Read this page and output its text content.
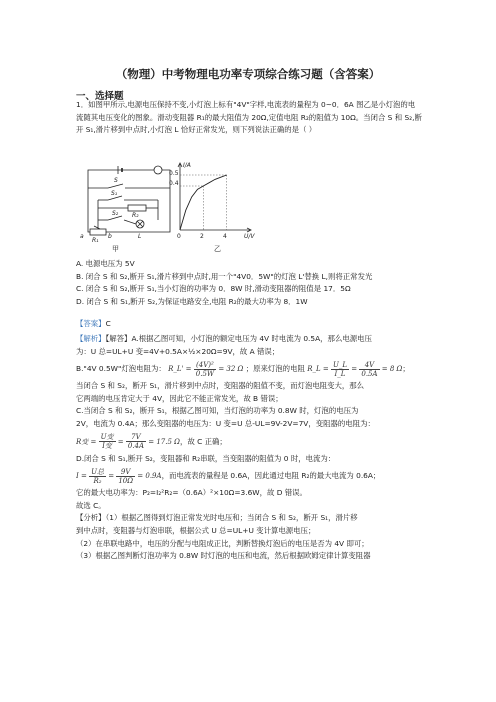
（物理）中考物理电功率专项综合练习题（含答案）
一、选择题

1．如图甲所示,电源电压保持不变,小灯泡上标有"4V"字样,电流表的量程为 0~0．6A 图乙是小灯泡的电流随其电压变化的图象。滑动变阻器 R₁的最大阻值为 20Ω,定值电阻 R₂的阻值为 10Ω。当闭合 S 和 S₂,断开 S₁,滑片移到中点时,小灯泡 L 恰好正常发光，则下列说法正确的是（ ）

S
S₁
R₂
S₂
a
R₁
b	L
甲
I/A
U/V
0
0.5
0.4
2	4
乙
A. 电源电压为 5V
B. 闭合 S 和 S₂,断开 S₁,滑片移到中点时,用一个"4V0．5W"的灯泡 L'替换 L,则将正常发光
C. 闭合 S 和 S₂,断开 S₁,当小灯泡的功率为 0．8W 时,滑动变阻器的阻值是 17．5Ω
D. 闭合 S 和 S₁,断开 S₂,为保证电路安全,电阻 R₂的最大功率为 8．1W
【答案】C
【解析】【解答】A.根据乙图可知，小灯泡的额定电压为 4V 时电流为 0.5A，那么电源电压
为：U 总=UL+U 变=4V+0.5A×½×20Ω=9V，故 A 错误；
B."4V 0.5W"灯泡电阻为： R_L' = $\frac{\text{(4V)²}}{0.5W} = 32$ Ω ；原来灯泡的电阻 R_L = $\frac{U\_L}{I\_L} = \frac{4V}{0.5A} = 8$ Ω；
当闭合 S 和 S₂，断开 S₁，滑片移到中点时，变阻器的阻值不变，而灯泡电阻变大，那么
它两端的电压肯定大于 4V，因此它不能正常发光，故 B 错误；
C.当闭合 S 和 S₂，断开 S₁，根据乙图可知，当灯泡的功率为 0.8W 时，灯泡的电压为
2V，电流为 0.4A；那么变阻器的电压为：U 变=U 总-UL=9V-2V=7V，变阻器的电阻为：
R变 = $\frac{\text{U变}}{\text{I变}} = \frac{7V}{0.4A} = 17.5$ Ω，故 C 正确；
D.闭合 S 和 S₁,断开 S₂，变阻器和 R₂串联，当变阻器的阻值为 0 时，电流为：
$I = \frac{\text{U总}}{\text{R₂}} = \frac{9V}{10\Omega} = 0.9A$，而电流表的量程是 0.6A，因此通过电阻 R₂的最大电流为 0.6A；
它的最大电功率为：P₂=I₂²R₂=（0.6A）²×10Ω=3.6W，故 D 错误。
故选 C。
【分析】（1）根据乙图得到灯泡正常发光时电压和；当闭合 S 和 S₂，断开 S₁，滑片移
到中点时，变阻器与灯泡串联，根据公式 U 总=UL+U 变计算电源电压；
（2）在串联电路中，电压的分配与电阻成正比，判断替换灯泡后的电压是否为 4V 即可；
（3）根据乙图判断灯泡功率为 0.8W 时灯泡的电压和电流，然后根据欧姆定律计算变阻器
